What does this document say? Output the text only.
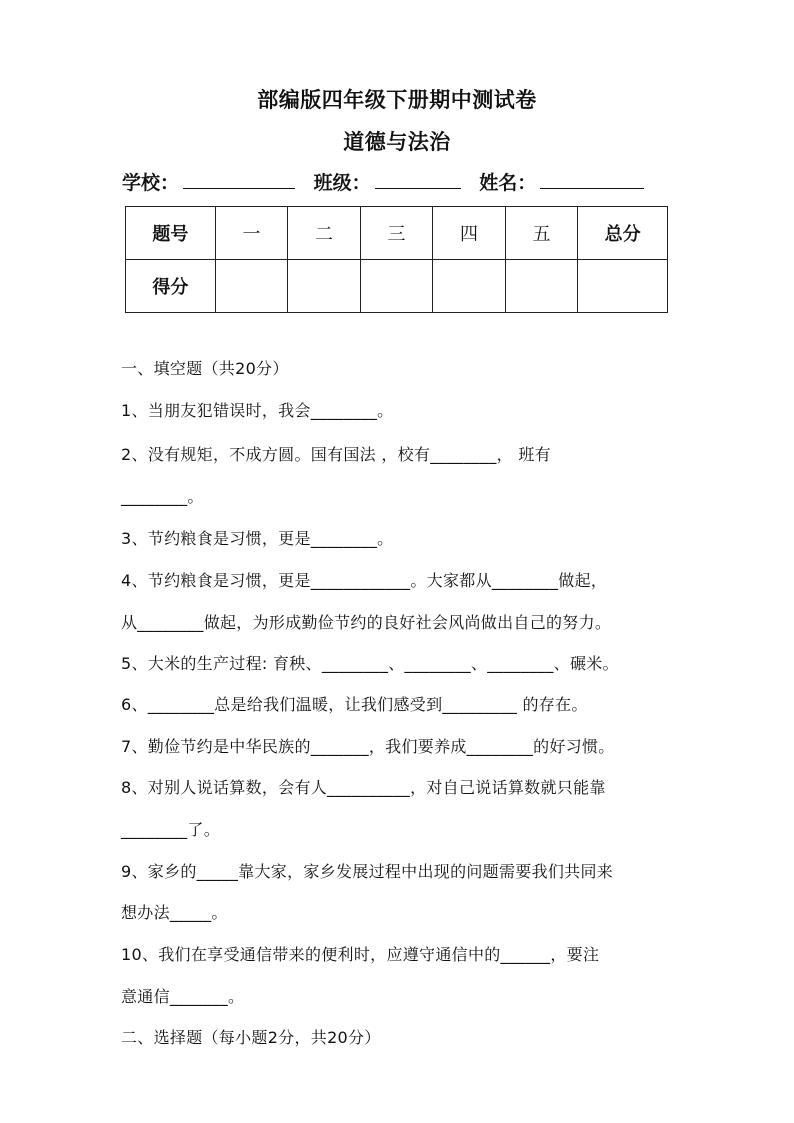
部编版四年级下册期中测试卷
道德与法治
学校：	班级：	姓名：
题号	一	二	三	四	五	总分
得分						
一、填空题（共20分）
1、当朋友犯错误时，我会________。
2、没有规矩，不成方圆。国有国法 ，校有________， 班有
________。
3、节约粮食是习惯，更是________。
4、节约粮食是习惯，更是____________。大家都从________做起，
从________做起，为形成勤俭节约的良好社会风尚做出自己的努力。
5、大米的生产过程: 育秧、________、________、________、碾米。
6、________总是给我们温暖，让我们感受到_________ 的存在。
7、勤俭节约是中华民族的_______，我们要养成________的好习惯。
8、对别人说话算数，会有人__________，对自己说话算数就只能靠
________了。
9、家乡的_____靠大家，家乡发展过程中出现的问题需要我们共同来
想办法_____。
10、我们在享受通信带来的便利时，应遵守通信中的______，要注
意通信_______。
二、选择题（每小题2分，共20分）
